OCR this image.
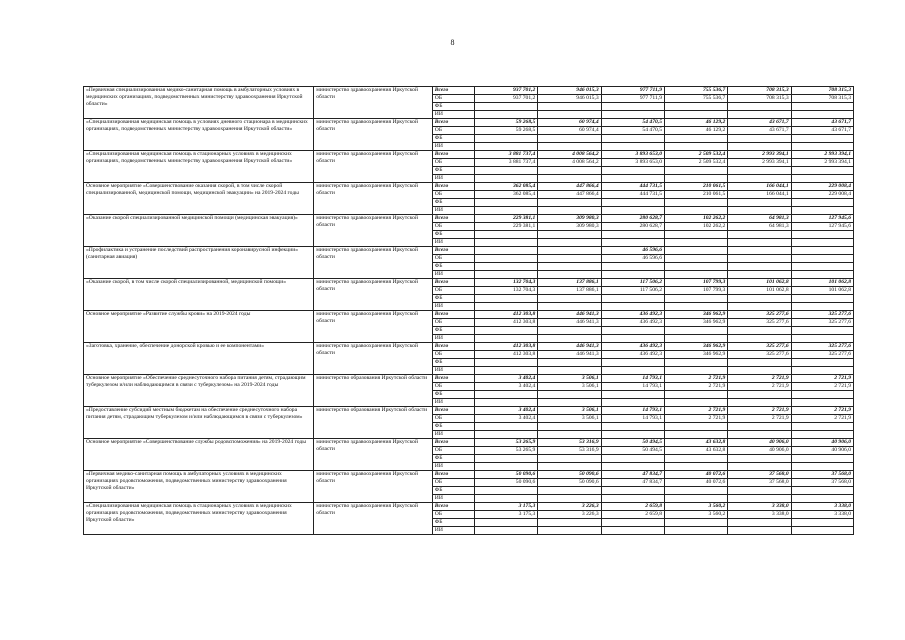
8
«Первичная специализированная медико-санитарная помощь в амбулаторных условиях в медицинских организациях, подведомственных министерству здравоохранения Иркутской области»	министерство здравоохранения Иркутской области	Всего	937 701,2	946 015,3	977 711,9	755 536,7	708 315,3	708 315,3
		ОБ	937 701,2	946 015,3	977 711,9	755 536,7	708 315,3	708 315,3
		ФБ						
		ИИ						
«Специализированная медицинская помощь в условиях дневного стационара в медицинских организациях, подведомственных министерству здравоохранения Иркутской области»	министерство здравоохранения Иркутской области	Всего	59 268,5	60 974,4	54 470,5	46 129,2	43 671,7	43 671,7
		ОБ	59 268,5	60 974,4	54 470,5	46 129,2	43 671,7	43 671,7
		ФБ						
		ИИ						
«Специализированная медицинская помощь в стационарных условиях в медицинских организациях, подведомственных министерству здравоохранения Иркутской области»	министерство здравоохранения Иркутской области	Всего	3 881 737,4	4 008 564,2	3 893 653,0	2 509 532,4	2 993 394,1	2 993 394,1
		ОБ	3 881 737,4	4 008 564,2	3 893 653,0	2 509 532,4	2 993 394,1	2 993 394,1
		ФБ						
		ИИ						
Основное мероприятие «Совершенствование оказания скорой, в том числе скорой специализированной, медицинской помощи, медицинской эвакуации» на 2019-2024 годы	министерство здравоохранения Иркутской области	Всего	362 085,4	447 866,4	444 731,5	210 061,5	166 044,1	229 008,4
		ОБ	362 085,4	447 866,4	444 731,5	210 061,5	166 044,1	229 008,4
		ФБ						
		ИИ						
«Оказание скорой специализированной медицинской помощи (медицинская эвакуация)»	министерство здравоохранения Иркутской области	Всего	229 381,1	309 980,3	280 628,7	102 262,2	64 981,3	127 945,6
		ОБ	229 381,1	309 980,3	280 628,7	102 262,2	64 981,3	127 945,6
		ФБ						
		ИИ						
«Профилактика и устранение последствий распространения коронавирусной инфекции» (санитарная авиация)	министерство здравоохранения Иркутской области	Всего			46 596,6			
		ОБ			46 596,6			
		ФБ						
		ИИ						
«Оказание скорой, в том числе скорой специализированной, медицинской помощи»	министерство здравоохранения Иркутской области	Всего	132 704,3	137 886,1	117 506,2	107 799,3	101 062,8	101 062,8
		ОБ	132 704,3	137 886,1	117 506,2	107 799,3	101 062,8	101 062,8
		ФБ						
		ИИ						
Основное мероприятие «Развитие службы крови» на 2019-2024 годы	министерство здравоохранения Иркутской области	Всего	412 303,8	446 941,3	436 492,3	346 962,9	325 277,6	325 277,6
		ОБ	412 303,8	446 941,3	436 492,3	346 962,9	325 277,6	325 277,6
		ФБ						
		ИИ						
«Заготовка, хранение, обеспечение донорской кровью и ее компонентами»	министерство здравоохранения Иркутской области	Всего	412 303,8	446 941,3	436 492,3	346 962,9	325 277,6	325 277,6
		ОБ	412 303,8	446 941,3	436 492,3	346 962,9	325 277,6	325 277,6
		ФБ						
		ИИ						
Основное мероприятие «Обеспечение среднесуточного набора питания детям, страдающим туберкулезом и/или наблюдающимся в связи с туберкулезом» на 2019-2024 годы	министерство образования Иркутской области	Всего	3 402,4	3 506,1	14 793,1	2 721,9	2 721,9	2 721,9
		ОБ	3 402,4	3 506,1	14 793,1	2 721,9	2 721,9	2 721,9
		ФБ						
		ИИ						
«Предоставление субсидий местным бюджетам на обеспечение среднесуточного набора питания детям, страдающим туберкулезом и/или наблюдающимся в связи с туберкулезом»	министерство образования Иркутской области	Всего	3 402,4	3 506,1	14 793,1	2 721,9	2 721,9	2 721,9
		ОБ	3 402,4	3 506,1	14 793,1	2 721,9	2 721,9	2 721,9
		ФБ						
		ИИ						
Основное мероприятие «Совершенствование службы родовспоможения» на 2019-2024 годы	министерство здравоохранения Иркутской области	Всего	53 265,9	53 316,9	50 494,5	43 632,8	40 906,0	40 906,0
		ОБ	53 265,9	53 316,9	50 494,5	43 632,8	40 906,0	40 906,0
		ФБ						
		ИИ						
«Первичная медико-санитарная помощь в амбулаторных условиях в медицинских организациях родовспоможения, подведомственных министерству здравоохранения Иркутской области»	министерство здравоохранения Иркутской области	Всего	50 090,6	50 090,6	47 834,7	40 072,6	37 568,0	37 568,0
		ОБ	50 090,6	50 090,6	47 834,7	40 072,6	37 568,0	37 568,0
		ФБ						
		ИИ						
«Специализированная медицинская помощь в стационарных условиях в медицинских организациях родовспоможения, подведомственных министерству здравоохранения Иркутской области»	министерство здравоохранения Иркутской области	Всего	3 175,3	3 226,3	2 659,8	3 560,2	3 338,0	3 338,0
		ОБ	3 175,3	3 226,3	2 659,8	3 560,2	3 338,0	3 338,0
		ФБ						
		ИИ						
